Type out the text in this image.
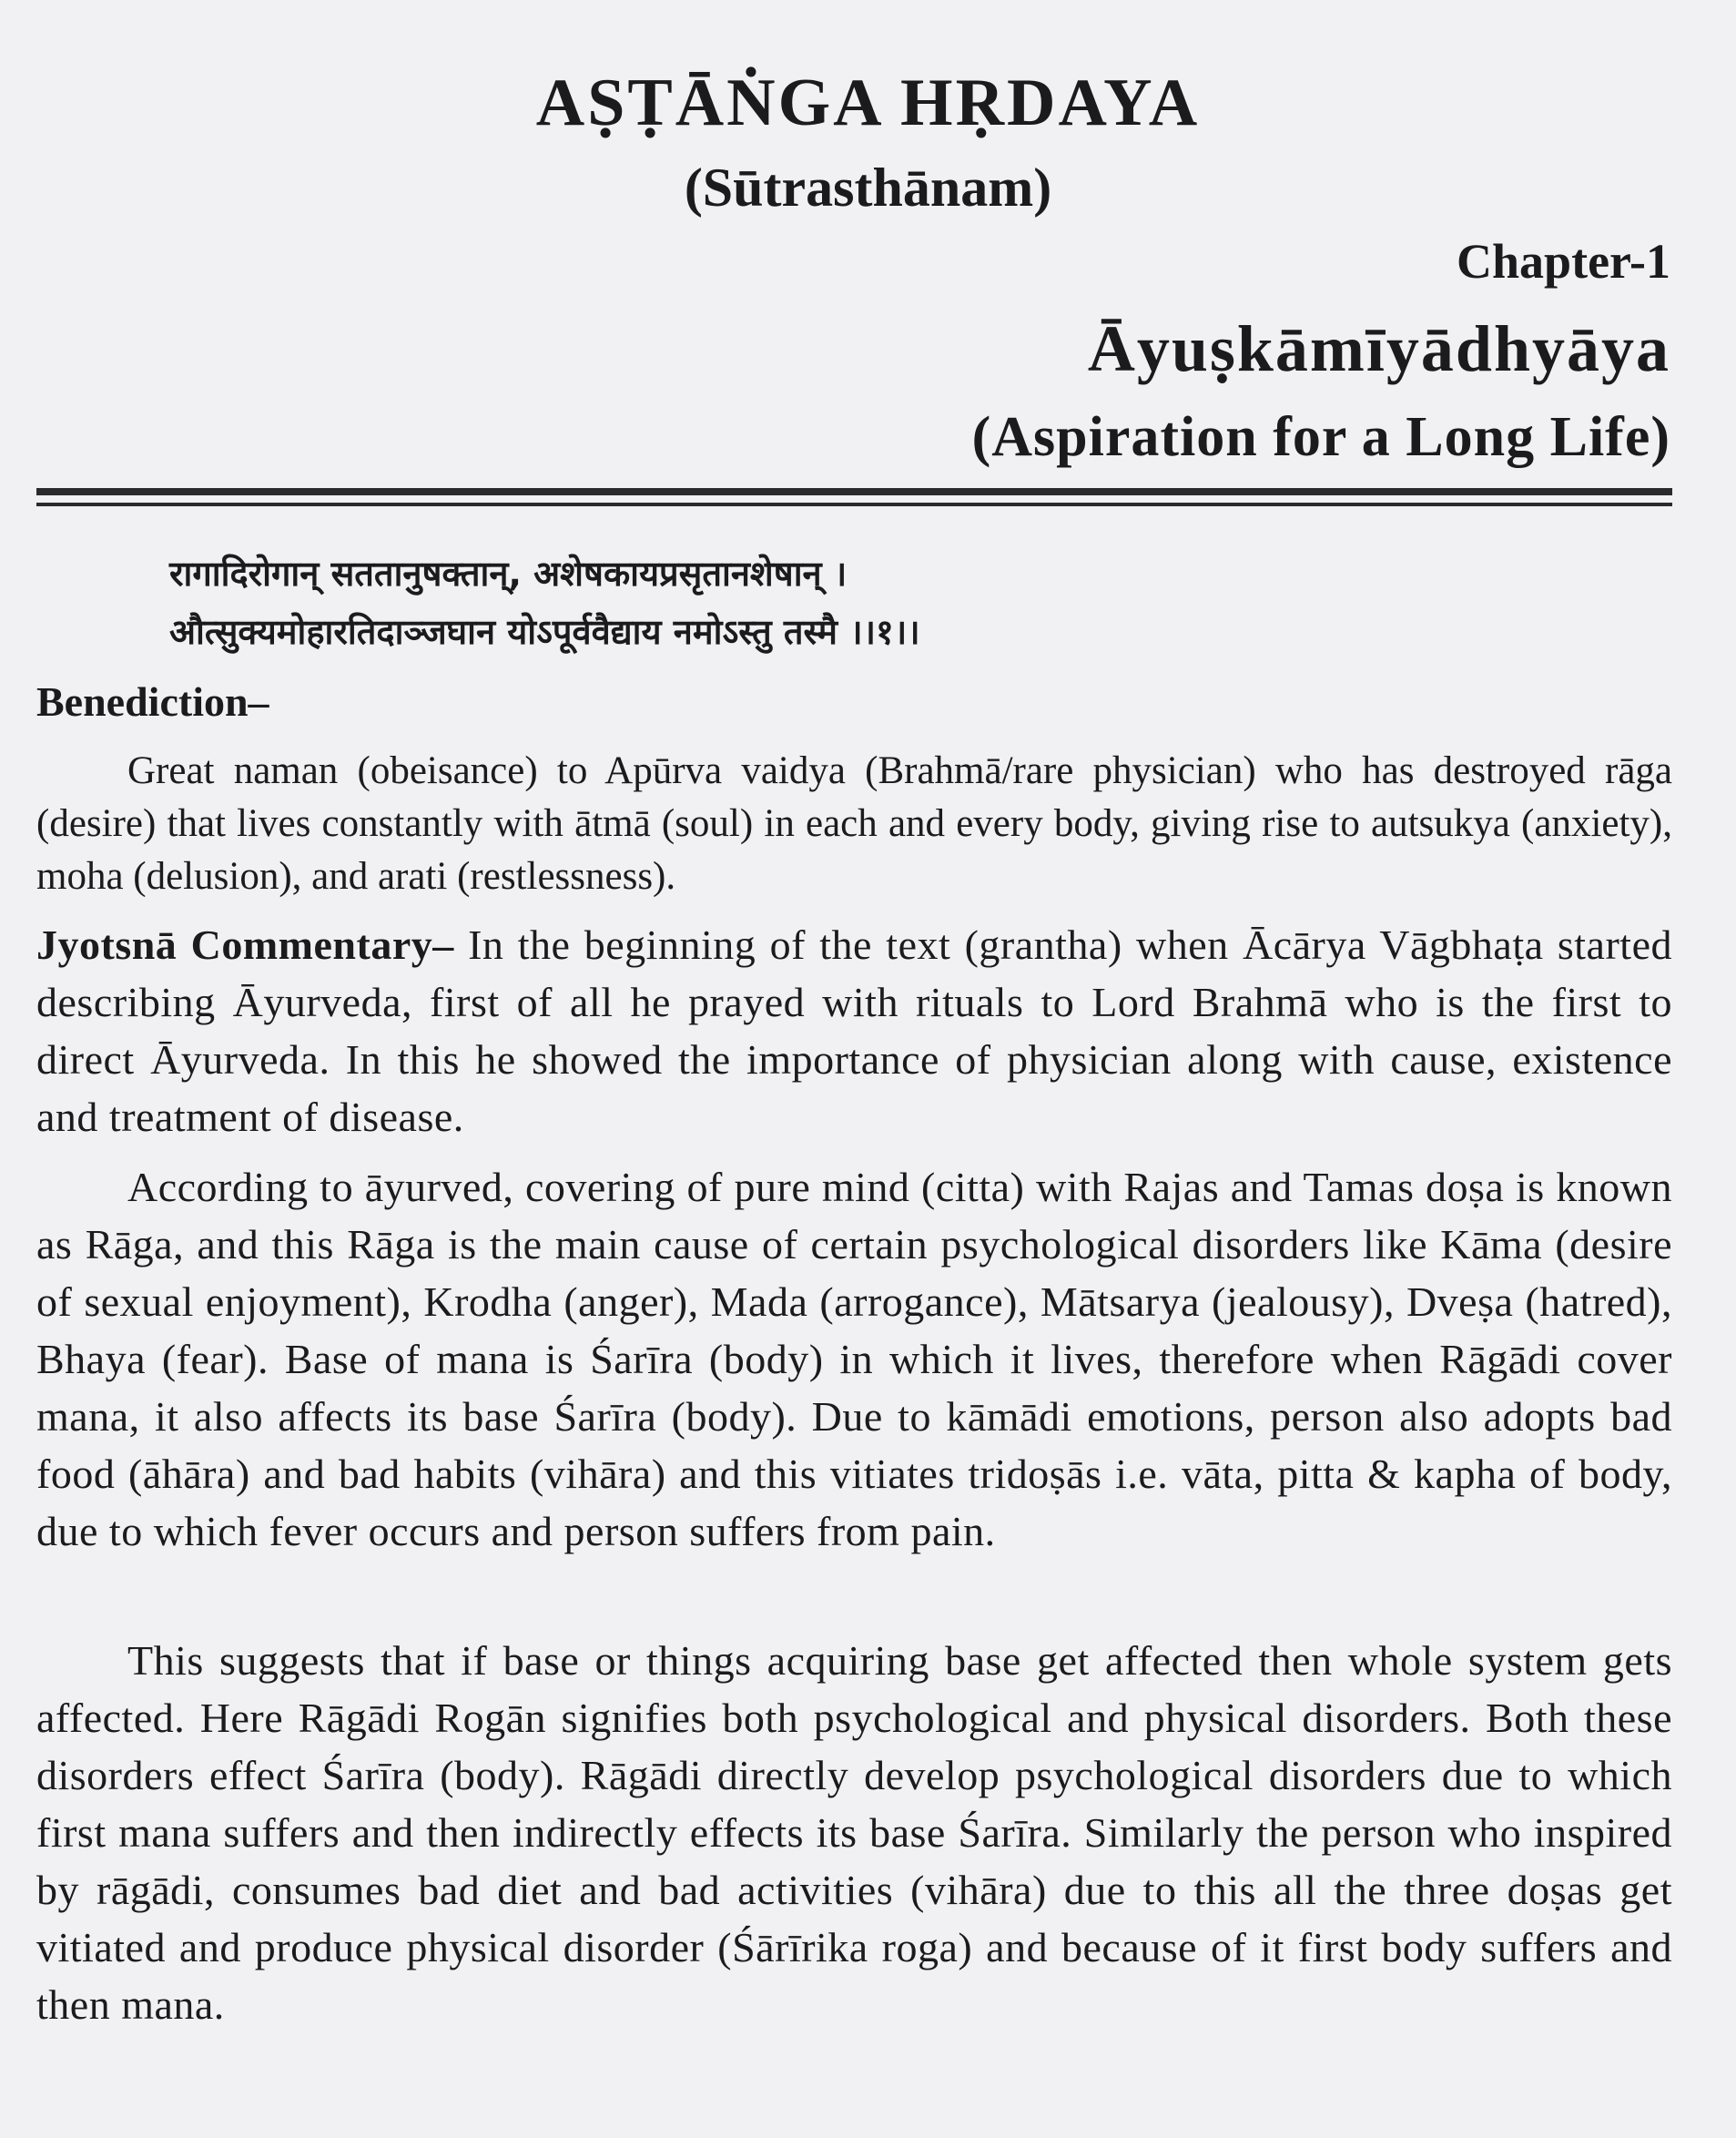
AṢṬĀṄGA HṚDAYA
(Sūtrasthānam)
Chapter-1
Āyuṣkāmīyādhyāya
(Aspiration for a Long Life)
रागादिरोगान् सततानुषक्तान्, अशेषकायप्रसृतानशेषान् ।
औत्सुक्यमोहारतिदाञ्जघान योऽपूर्ववैद्याय नमोऽस्तु तस्मै ।।१।।
Benediction–

Great naman (obeisance) to Apūrva vaidya (Brahmā/rare physician) who has destroyed rāga (desire) that lives constantly with ātmā (soul) in each and every body, giving rise to autsukya (anxiety), moha (delusion), and arati (restlessness).

Jyotsnā Commentary– In the beginning of the text (grantha) when Ācārya Vāgbhaṭa started describing Āyurveda, first of all he prayed with rituals to Lord Brahmā who is the first to direct Āyurveda. In this he showed the importance of physician along with cause, existence and treatment of disease.

According to āyurved, covering of pure mind (citta) with Rajas and Tamas doṣa is known as Rāga, and this Rāga is the main cause of certain psychological disorders like Kāma (desire of sexual enjoyment), Krodha (anger), Mada (arrogance), Mātsarya (jealousy), Dveṣa (hatred), Bhaya (fear). Base of mana is Śarīra (body) in which it lives, therefore when Rāgādi cover mana, it also affects its base Śarīra (body). Due to kāmādi emotions, person also adopts bad food (āhāra) and bad habits (vihāra) and this vitiates tridoṣās i.e. vāta, pitta & kapha of body, due to which fever occurs and person suffers from pain.

This suggests that if base or things acquiring base get affected then whole system gets affected. Here Rāgādi Rogān signifies both psychological and physical disorders. Both these disorders effect Śarīra (body). Rāgādi directly develop psychological disorders due to which first mana suffers and then indirectly effects its base Śarīra. Similarly the person who inspired by rāgādi, consumes bad diet and bad activities (vihāra) due to this all the three doṣas get vitiated and produce physical disorder (Śārīrika roga) and because of it first body suffers and then mana.
